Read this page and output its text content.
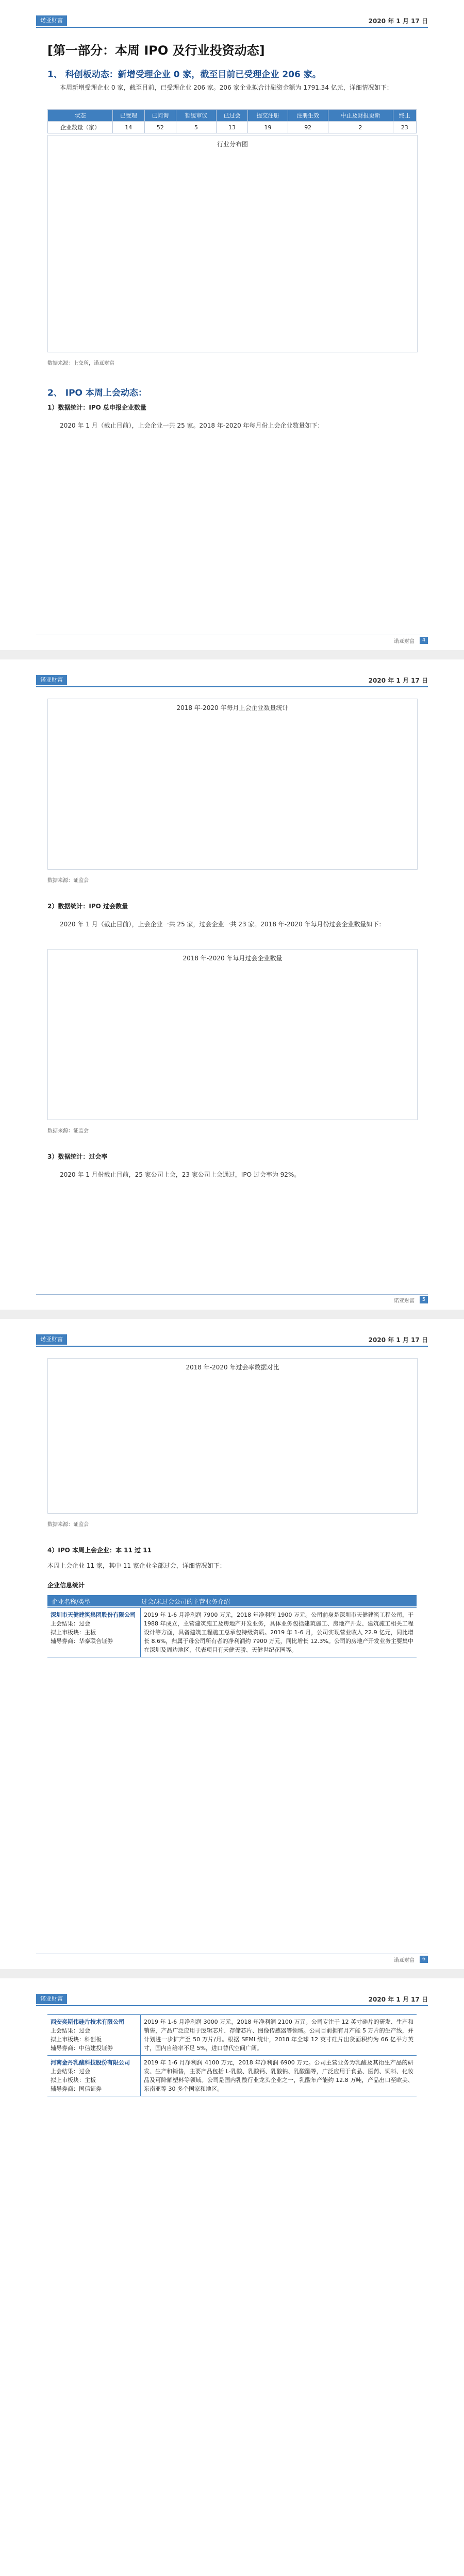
诺亚财富	2020 年 1 月 17 日
[第一部分：本周 IPO 及行业投资动态]
1、 科创板动态：新增受理企业 0 家，截至目前已受理企业 206 家。
本周新增受理企业 0 家，截至目前，已受理企业 206 家。206 家企业拟合计融资金额为 1791.34 亿元，详细情况如下：
状态	已受理	已问询	暂缓审议	已过会	提交注册	注册生效	中止及财报更新	终止
企业数量（家）	14	52	5	13	19	92	2	23
行业分布图
数据来源：上交所，诺亚财富
2、 IPO 本周上会动态：
1）数据统计：IPO 总申报企业数量
2020 年 1 月（截止目前），上会企业一共 25 家。2018 年-2020 年每月份上会企业数量如下：
诺亚财富	4
诺亚财富	2020 年 1 月 17 日
2018 年-2020 年每月上会企业数量统计
数据来源：证监会
2）数据统计：IPO 过会数量
2020 年 1 月（截止目前），上会企业一共 25 家，过会企业一共 23 家。2018 年-2020 年每月份过会企业数量如下：
2018 年-2020 年每月过会企业数量
数据来源：证监会
3）数据统计：过会率
2020 年 1 月份截止目前，25 家公司上会，23 家公司上会通过，IPO 过会率为 92%。
诺亚财富	5
诺亚财富	2020 年 1 月 17 日
2018 年-2020 年过会率数据对比
数据来源：证监会
4）IPO 本周上会企业：本 11 过 11
本周上会企业 11 家，其中 11 家企业全部过会，详细情况如下：
企业信息统计
企业名称/类型	过会/未过会公司的主营业务介绍
深圳市天健建筑集团股份有限公司
上会结果：过会
拟上市板块：主板
辅导券商：华泰联合证券
	2019 年 1-6 月净利润 7900 万元，2018 年净利润 1900 万元。公司前身是深圳市天健建筑工程公司，于 1988 年成立，主营建筑施工及房地产开发业务，具体业务包括建筑施工、房地产开发、建筑施工相关工程设计等方面，具备建筑工程施工总承包特级资质。2019 年 1-6 月，公司实现营业收入 22.9 亿元，同比增长 8.6%，归属于母公司所有者的净利润约 7900 万元，同比增长 12.3%。公司的房地产开发业务主要集中在深圳及周边地区，代表项目有天健天骄、天健世纪花园等。
诺亚财富	6
诺亚财富	2020 年 1 月 17 日
西安奕斯伟硅片技术有限公司
上会结果：过会
拟上市板块：科创板
辅导券商：中信建投证券	2019 年 1-6 月净利润 3000 万元，2018 年净利润 2100 万元。公司专注于 12 英寸硅片的研发、生产和销售，产品广泛应用于逻辑芯片、存储芯片、图像传感器等领域。公司目前拥有月产能 5 万片的生产线，并计划进一步扩产至 50 万片/月。根据 SEMI 统计，2018 年全球 12 英寸硅片出货面积约为 66 亿平方英寸，国内自给率不足 5%，进口替代空间广阔。

河南金丹乳酸科技股份有限公司
上会结果：过会
拟上市板块：主板
辅导券商：国信证券	2019 年 1-6 月净利润 4100 万元，2018 年净利润 6900 万元。公司主营业务为乳酸及其衍生产品的研发、生产和销售，主要产品包括 L-乳酸、乳酸钙、乳酸钠、乳酸酯等，广泛应用于食品、医药、饲料、化妆品及可降解塑料等领域。公司是国内乳酸行业龙头企业之一，乳酸年产能约 12.8 万吨，产品出口至欧美、东南亚等 30 多个国家和地区。
